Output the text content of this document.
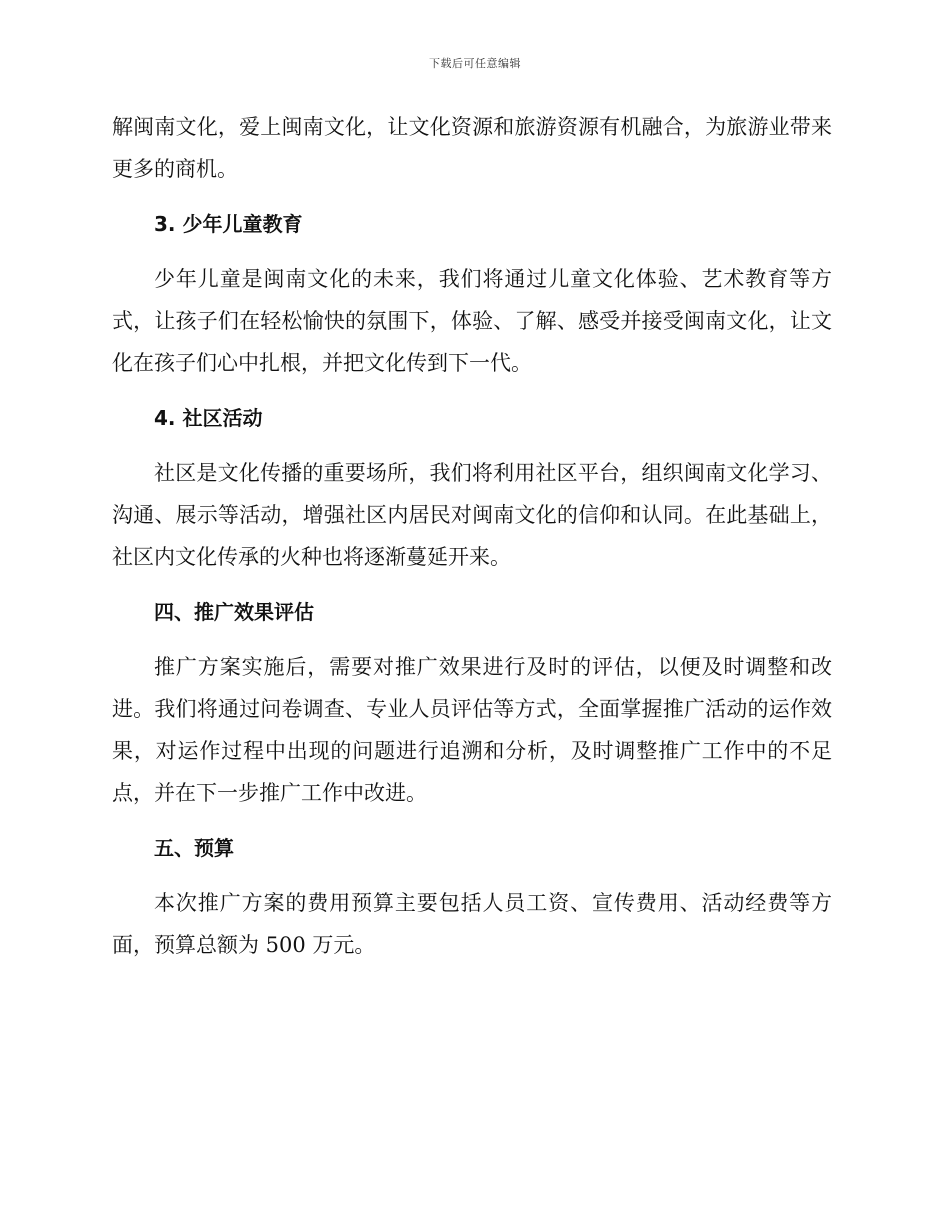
下载后可任意编辑

解闽南文化，爱上闽南文化，让文化资源和旅游资源有机融合，为旅游业带来更多的商机。

3. 少年儿童教育

少年儿童是闽南文化的未来，我们将通过儿童文化体验、艺术教育等方式，让孩子们在轻松愉快的氛围下，体验、了解、感受并接受闽南文化，让文化在孩子们心中扎根，并把文化传到下一代。

4. 社区活动

社区是文化传播的重要场所，我们将利用社区平台，组织闽南文化学习、沟通、展示等活动，增强社区内居民对闽南文化的信仰和认同。在此基础上，社区内文化传承的火种也将逐渐蔓延开来。

四、推广效果评估

推广方案实施后，需要对推广效果进行及时的评估，以便及时调整和改进。我们将通过问卷调查、专业人员评估等方式，全面掌握推广活动的运作效果，对运作过程中出现的问题进行追溯和分析，及时调整推广工作中的不足点，并在下一步推广工作中改进。

五、预算

本次推广方案的费用预算主要包括人员工资、宣传费用、活动经费等方面，预算总额为 500 万元。
